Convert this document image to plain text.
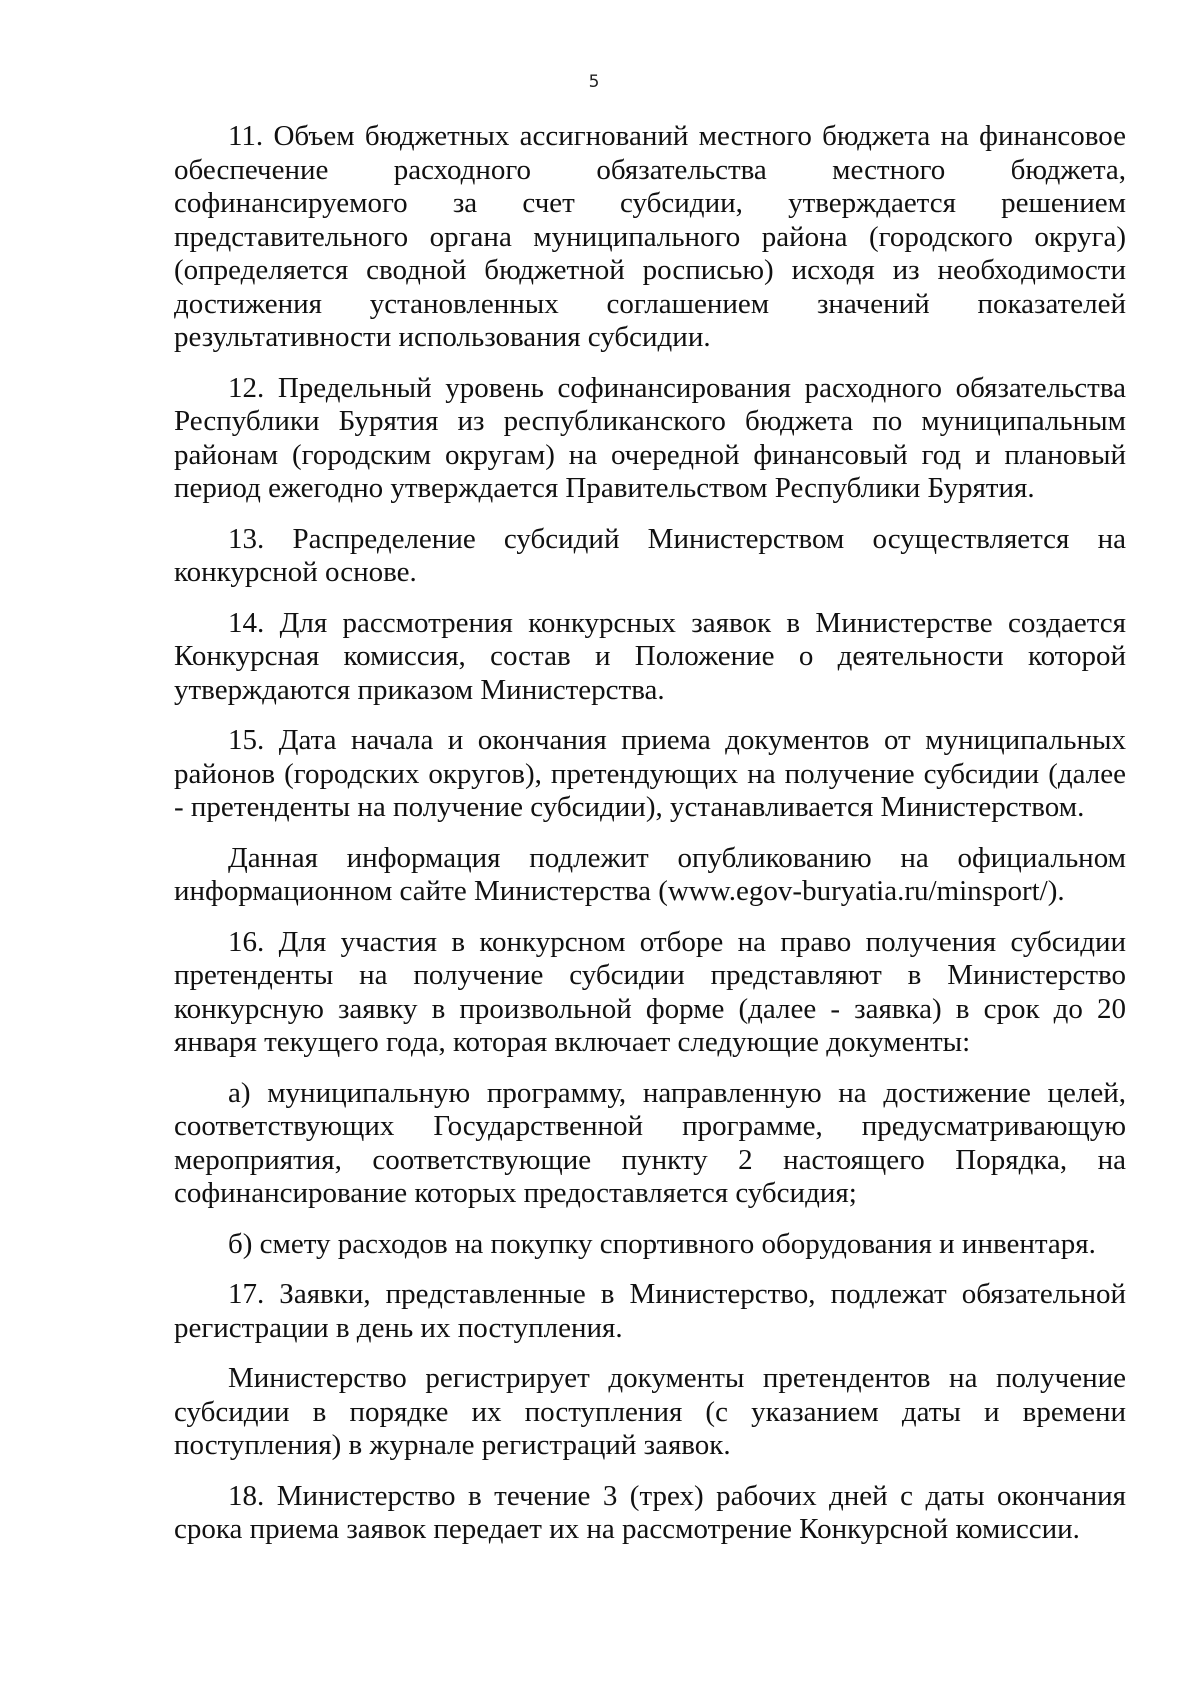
5

11. Объем бюджетных ассигнований местного бюджета на финансовое обеспечение расходного обязательства местного бюджета, софинансируемого за счет субсидии, утверждается решением представительного органа муниципального района (городского округа) (определяется сводной бюджетной росписью) исходя из необходимости достижения установленных соглашением значений показателей результативности использования субсидии.

12. Предельный уровень софинансирования расходного обязательства Республики Бурятия из республиканского бюджета по муниципальным районам (городским округам) на очередной финансовый год и плановый период ежегодно утверждается Правительством Республики Бурятия.

13. Распределение субсидий Министерством осуществляется на конкурсной основе.

14. Для рассмотрения конкурсных заявок в Министерстве создается Конкурсная комиссия, состав и Положение о деятельности которой утверждаются приказом Министерства.

15. Дата начала и окончания приема документов от муниципальных районов (городских округов), претендующих на получение субсидии (далее - претенденты на получение субсидии), устанавливается Министерством.

Данная информация подлежит опубликованию на официальном информационном сайте Министерства (www.egov-buryatia.ru/minsport/).

16. Для участия в конкурсном отборе на право получения субсидии претенденты на получение субсидии представляют в Министерство конкурсную заявку в произвольной форме (далее - заявка) в срок до 20 января текущего года, которая включает следующие документы:

а) муниципальную программу, направленную на достижение целей, соответствующих Государственной программе, предусматривающую мероприятия, соответствующие пункту 2 настоящего Порядка, на софинансирование которых предоставляется субсидия;

б) смету расходов на покупку спортивного оборудования и инвентаря.

17. Заявки, представленные в Министерство, подлежат обязательной регистрации в день их поступления.

Министерство регистрирует документы претендентов на получение субсидии в порядке их поступления (с указанием даты и времени поступления) в журнале регистраций заявок.

18. Министерство в течение 3 (трех) рабочих дней с даты окончания срока приема заявок передает их на рассмотрение Конкурсной комиссии.
